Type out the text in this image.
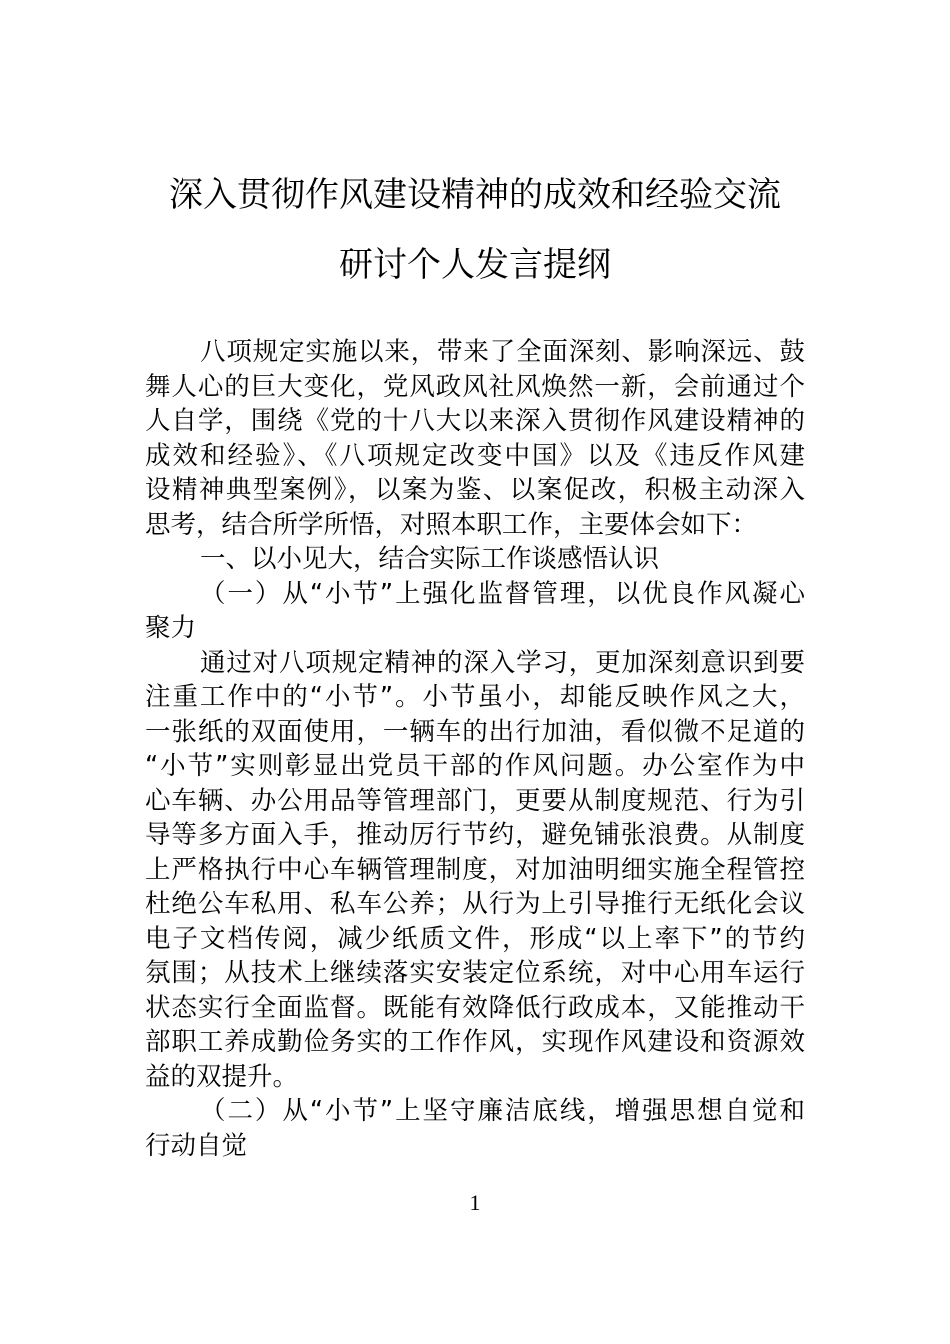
深入贯彻作风建设精神的成效和经验交流
研讨个人发言提纲
八项规定实施以来，带来了全面深刻、影响深远、鼓
舞人心的巨大变化，党风政风社风焕然一新，会前通过个
人自学，围绕《党的十八大以来深入贯彻作风建设精神的
成效和经验》、《八项规定改变中国》以及《违反作风建
设精神典型案例》，以案为鉴、以案促改，积极主动深入
思考，结合所学所悟，对照本职工作，主要体会如下：
一、以小见大，结合实际工作谈感悟认识
（一）从“小节”上强化监督管理，以优良作风凝心
聚力
通过对八项规定精神的深入学习，更加深刻意识到要
注重工作中的“小节”。小节虽小，却能反映作风之大，
一张纸的双面使用，一辆车的出行加油，看似微不足道的
“小节”实则彰显出党员干部的作风问题。办公室作为中
心车辆、办公用品等管理部门，更要从制度规范、行为引
导等多方面入手，推动厉行节约，避免铺张浪费。从制度
上严格执行中心车辆管理制度，对加油明细实施全程管控
杜绝公车私用、私车公养；从行为上引导推行无纸化会议
电子文档传阅，减少纸质文件，形成“以上率下”的节约
氛围；从技术上继续落实安装定位系统，对中心用车运行
状态实行全面监督。既能有效降低行政成本，又能推动干
部职工养成勤俭务实的工作作风，实现作风建设和资源效
益的双提升。
（二）从“小节”上坚守廉洁底线，增强思想自觉和
行动自觉
1
